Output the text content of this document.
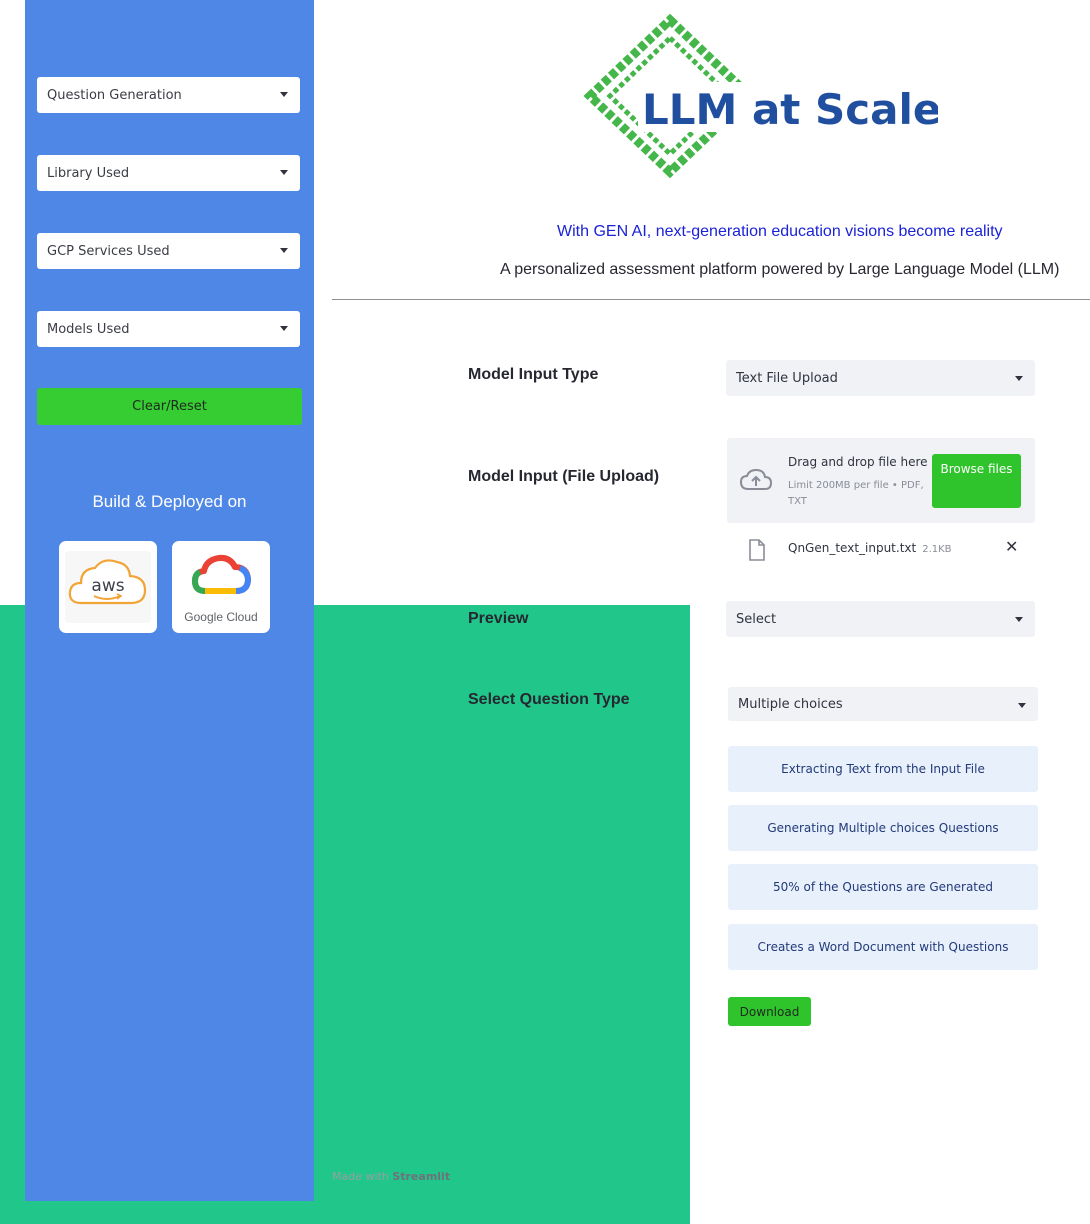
Question Generation
Library Used
GCP Services Used
Models Used
Clear/Reset
Build & Deployed on
aws
Google Cloud
LLM at Scale
With GEN AI, next-generation education visions become reality
A personalized assessment platform powered by Large Language Model (LLM)
Model Input Type	Text File Upload
Model Input (File Upload)
Drag and drop file here
Limit 200MB per file • PDF, TXT
Browse files
QnGen_text_input.txt 2.1KB	✕
Preview	Select
Select Question Type	Multiple choices
Extracting Text from the Input File
Generating Multiple choices Questions
50% of the Questions are Generated
Creates a Word Document with Questions
Download
Made with Streamlit
